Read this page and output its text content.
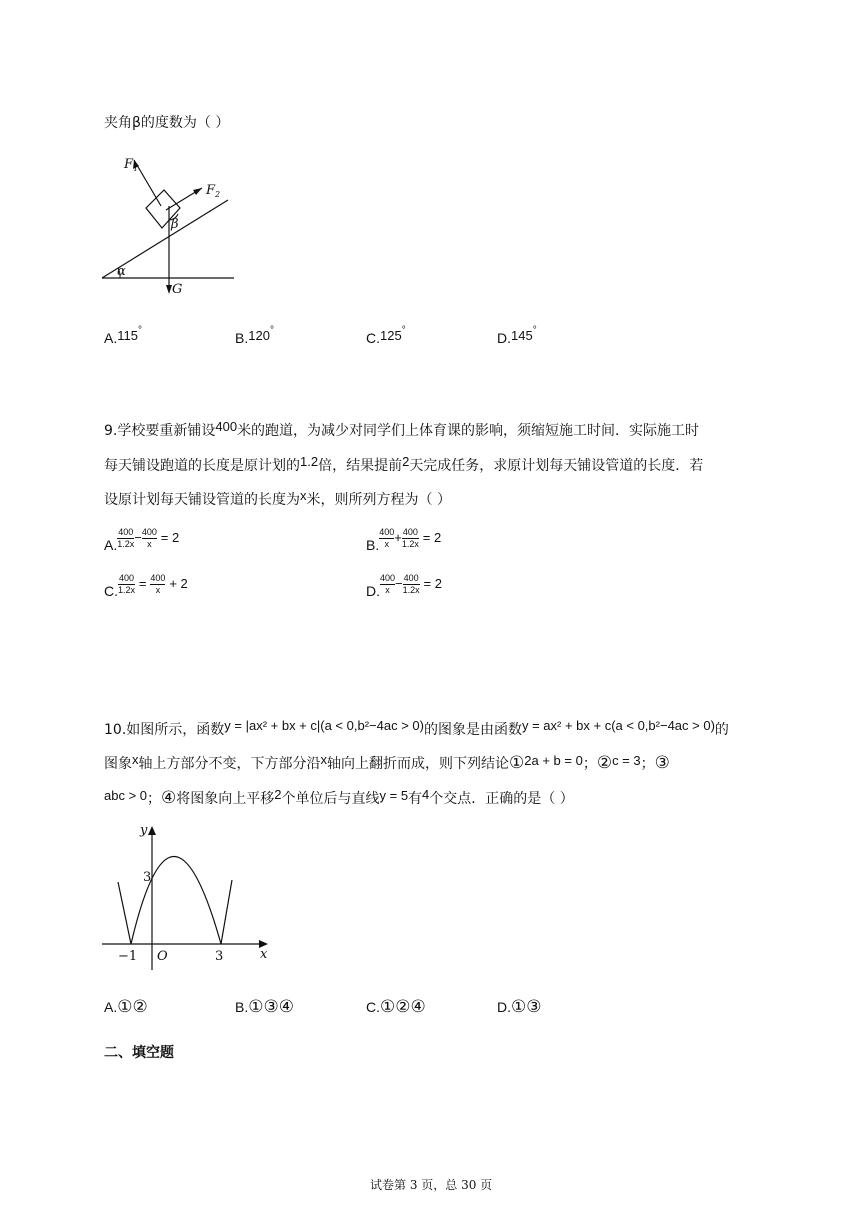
夹角β的度数为（ ）
F 1
F 2
β
α
G
A.$^{115^\circ}$	B.$^{120^\circ}$	C.$^{125^\circ}$	D.$^{145^\circ}$
9.学校要重新铺设400米的跑道，为减少对同学们上体育课的影响，须缩短施工时间．实际施工时
每天铺设跑道的长度是原计划的1.2倍，结果提前2天完成任务，求原计划每天铺设管道的长度．若
设原计划每天铺设管道的长度为x米，则所列方程为（ ）
A. $\frac{400}{1.2x} - \frac{400}{x} = 2$	B. $\frac{400}{x} + \frac{400}{1.2x} = 2$
C. $\frac{400}{1.2x} = \frac{400}{x} + 2$	D. $\frac{400}{x} - \frac{400}{1.2x} = 2$
10.如图所示，函数y = |ax² + bx + c|(a < 0,b²−4ac > 0)的图象是由函数y = ax² + bx + c(a < 0,b²−4ac > 0)的
图象x轴上方部分不变，下方部分沿x轴向上翻折而成，则下列结论①2a + b = 0；②c = 3；③
abc > 0；④将图象向上平移2个单位后与直线y = 5有4个交点．正确的是（ ）
y
x
O
3
−1	3
A.①②	B.①③④	C.①②④	D.①③
二、填空题
试卷第 3 页，总 30 页
